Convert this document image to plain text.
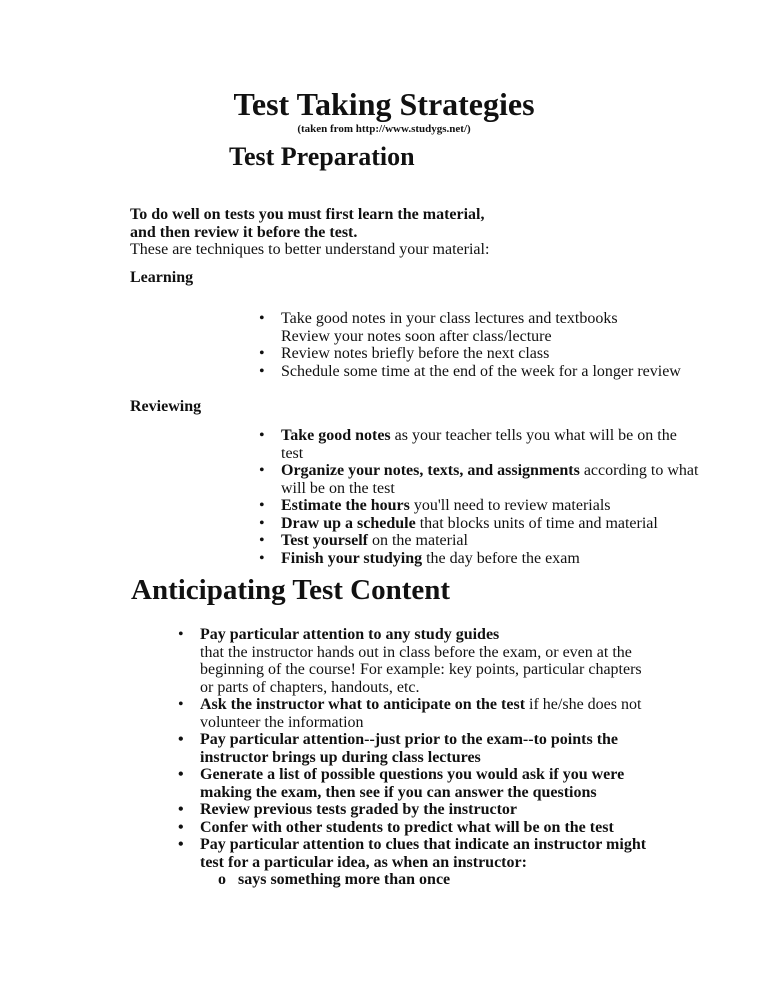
Test Taking Strategies
(taken from http://www.studygs.net/)
Test Preparation
To do well on tests you must first learn the material,
and then review it before the test.
These are techniques to better understand your material:
Learning
• Take good notes in your class lectures and textbooks
Review your notes soon after class/lecture
• Review notes briefly before the next class
• Schedule some time at the end of the week for a longer review
Reviewing
• Take good notes as your teacher tells you what will be on the test
• Organize your notes, texts, and assignments according to what will be on the test
• Estimate the hours you'll need to review materials
• Draw up a schedule that blocks units of time and material
• Test yourself on the material
• Finish your studying the day before the exam
Anticipating Test Content
• Pay particular attention to any study guides
that the instructor hands out in class before the exam, or even at the beginning of the course! For example: key points, particular chapters or parts of chapters, handouts, etc.
• Ask the instructor what to anticipate on the test if he/she does not volunteer the information
• Pay particular attention--just prior to the exam--to points the instructor brings up during class lectures
• Generate a list of possible questions you would ask if you were making the exam, then see if you can answer the questions
• Review previous tests graded by the instructor
• Confer with other students to predict what will be on the test
• Pay particular attention to clues that indicate an instructor might test for a particular idea, as when an instructor:
o says something more than once
